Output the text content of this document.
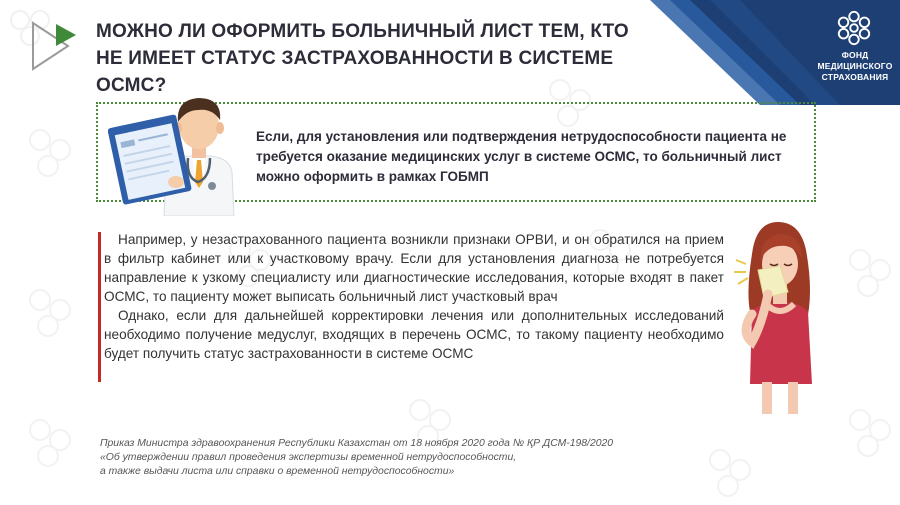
МОЖНО ЛИ ОФОРМИТЬ БОЛЬНИЧНЫЙ ЛИСТ ТЕМ, КТО НЕ ИМЕЕТ СТАТУС ЗАСТРАХОВАННОСТИ В СИСТЕМЕ ОСМС?
ФОНД
МЕДИЦИНСКОГО
СТРАХОВАНИЯ
Если, для установления или подтверждения нетрудоспособности пациента не требуется оказание медицинских услуг в системе ОСМС, то больничный лист можно оформить в рамках ГОБМП

Например, у незастрахованного пациента возникли признаки ОРВИ, и он обратился на прием в фильтр кабинет или к участковому врачу. Если для установления диагноза не потребуется направление к узкому специалисту или диагностические исследования, которые входят в пакет ОСМС, то пациенту может выписать больничный лист участковый врач

Однако, если для дальнейшей корректировки лечения или дополнительных исследований необходимо получение медуслуг, входящих в перечень ОСМС, то такому пациенту необходимо будет получить статус застрахованности в системе ОСМС

Приказ Министра здравоохранения Республики Казахстан от 18 ноября 2020 года № ҚР ДСМ-198/2020
«Об утверждении правил проведения экспертизы временной нетрудоспособности,
а также выдачи листа или справки о временной нетрудоспособности»
